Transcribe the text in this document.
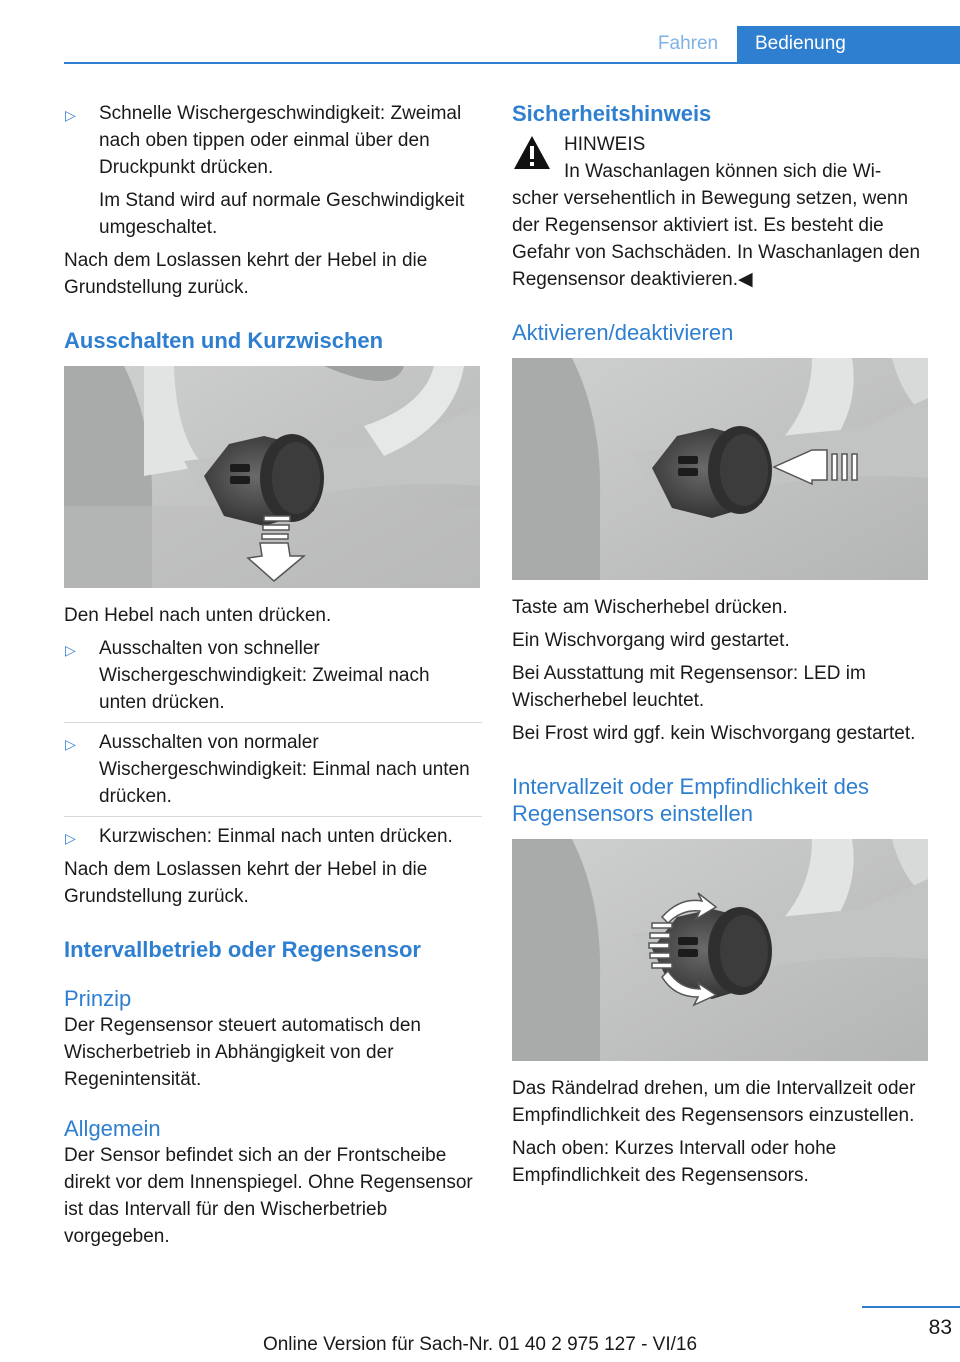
Fahren	Bedienung
▷ Schnelle Wischergeschwindigkeit: Zweimal nach oben tippen oder einmal über den Druckpunkt drücken.
Im Stand wird auf normale Geschwindigkeit umgeschaltet.

Nach dem Loslassen kehrt der Hebel in die Grundstellung zurück.

Ausschalten und Kurzwischen

Den Hebel nach unten drücken.

▷ Ausschalten von schneller Wischergeschwindigkeit: Zweimal nach unten drücken.
▷ Ausschalten von normaler Wischergeschwindigkeit: Einmal nach unten drücken.
▷ Kurzwischen: Einmal nach unten drücken.

Nach dem Loslassen kehrt der Hebel in die Grundstellung zurück.

Intervallbetrieb oder Regensensor
Prinzip

Der Regensensor steuert automatisch den Wischerbetrieb in Abhängigkeit von der Regenintensität.

Allgemein

Der Sensor befindet sich an der Frontscheibe direkt vor dem Innenspiegel. Ohne Regensensor ist das Intervall für den Wischerbetrieb vorgegeben.

Sicherheitshinweis
HINWEIS
In Waschanlagen können sich die Wi-

scher versehentlich in Bewegung setzen, wenn der Regensensor aktiviert ist. Es besteht die Gefahr von Sachschäden. In Waschanlagen den Regensensor deaktivieren.◀

Aktivieren/deaktivieren

Taste am Wischerhebel drücken.

Ein Wischvorgang wird gestartet.

Bei Ausstattung mit Regensensor: LED im Wischerhebel leuchtet.

Bei Frost wird ggf. kein Wischvorgang gestartet.

Intervallzeit oder Empfindlichkeit des Regensensors einstellen

Das Rändelrad drehen, um die Intervallzeit oder Empfindlichkeit des Regensensors einzustellen.

Nach oben: Kurzes Intervall oder hohe Empfindlichkeit des Regensensors.

83
Online Version für Sach-Nr. 01 40 2 975 127 - VI/16
